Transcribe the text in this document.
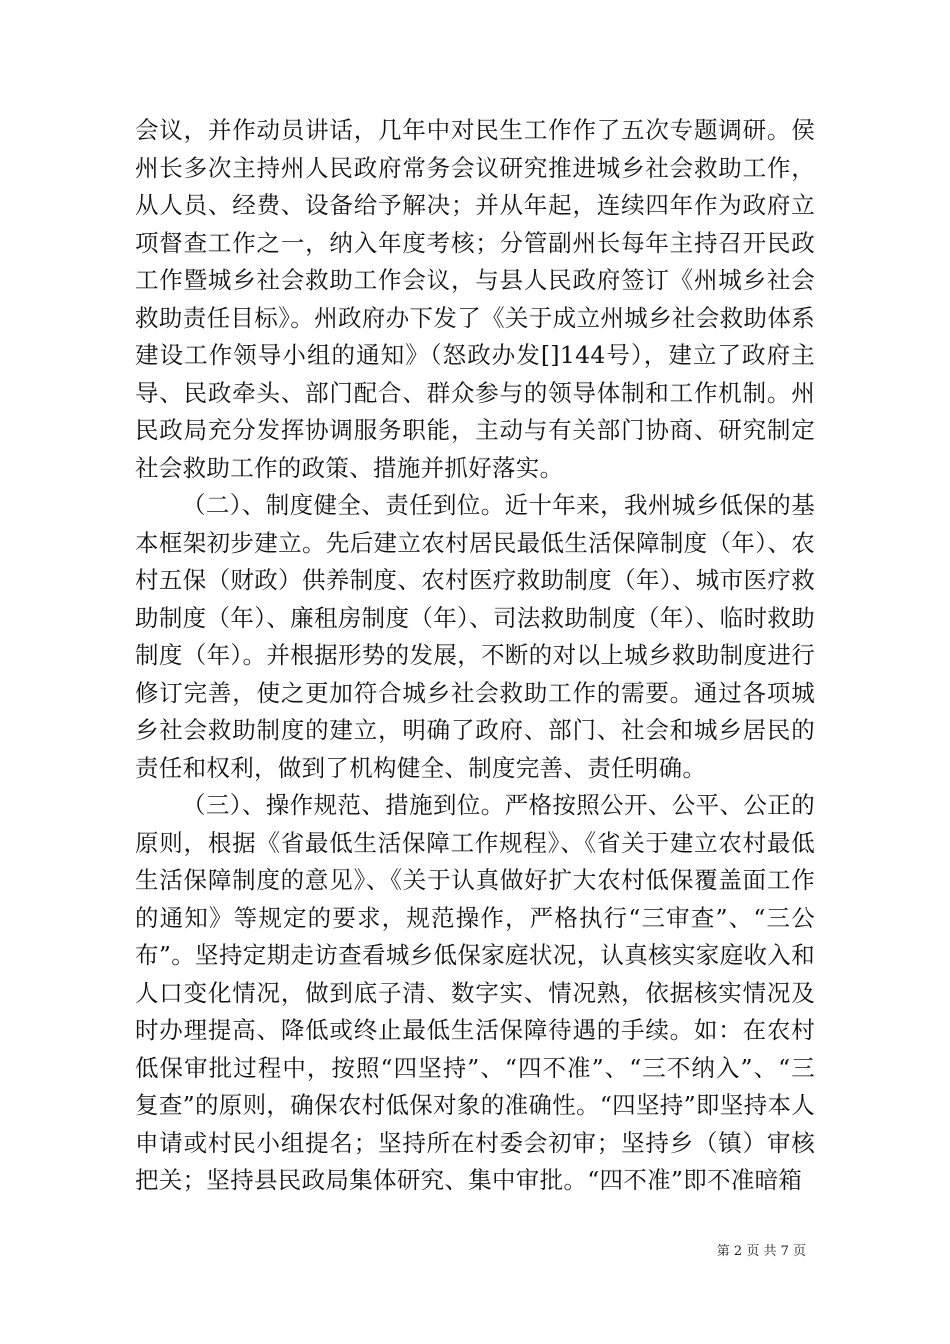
会议，并作动员讲话，几年中对民生工作作了五次专题调研。侯州长多次主持州人民政府常务会议研究推进城乡社会救助工作，从人员、经费、设备给予解决；并从年起，连续四年作为政府立项督查工作之一，纳入年度考核；分管副州长每年主持召开民政工作暨城乡社会救助工作会议，与县人民政府签订《州城乡社会救助责任目标》。州政府办下发了《关于成立州城乡社会救助体系建设工作领导小组的通知》（怒政办发[]144号），建立了政府主导、民政牵头、部门配合、群众参与的领导体制和工作机制。州民政局充分发挥协调服务职能，主动与有关部门协商、研究制定社会救助工作的政策、措施并抓好落实。

（二）、制度健全、责任到位。近十年来，我州城乡低保的基本框架初步建立。先后建立农村居民最低生活保障制度（年）、农村五保（财政）供养制度、农村医疗救助制度（年）、城市医疗救助制度（年）、廉租房制度（年）、司法救助制度（年）、临时救助制度（年）。并根据形势的发展，不断的对以上城乡救助制度进行修订完善，使之更加符合城乡社会救助工作的需要。通过各项城乡社会救助制度的建立，明确了政府、部门、社会和城乡居民的责任和权利，做到了机构健全、制度完善、责任明确。

（三）、操作规范、措施到位。严格按照公开、公平、公正的原则，根据《省最低生活保障工作规程》、《省关于建立农村最低生活保障制度的意见》、《关于认真做好扩大农村低保覆盖面工作的通知》等规定的要求，规范操作，严格执行“三审查”、“三公布”。坚持定期走访查看城乡低保家庭状况，认真核实家庭收入和人口变化情况，做到底子清、数字实、情况熟，依据核实情况及时办理提高、降低或终止最低生活保障待遇的手续。如：在农村低保审批过程中，按照“四坚持”、“四不准”、“三不纳入”、“三复查”的原则，确保农村低保对象的准确性。“四坚持”即坚持本人申请或村民小组提名；坚持所在村委会初审；坚持乡（镇）审核把关；坚持县民政局集体研究、集中审批。“四不准”即不准暗箱

第 2 页 共 7 页
